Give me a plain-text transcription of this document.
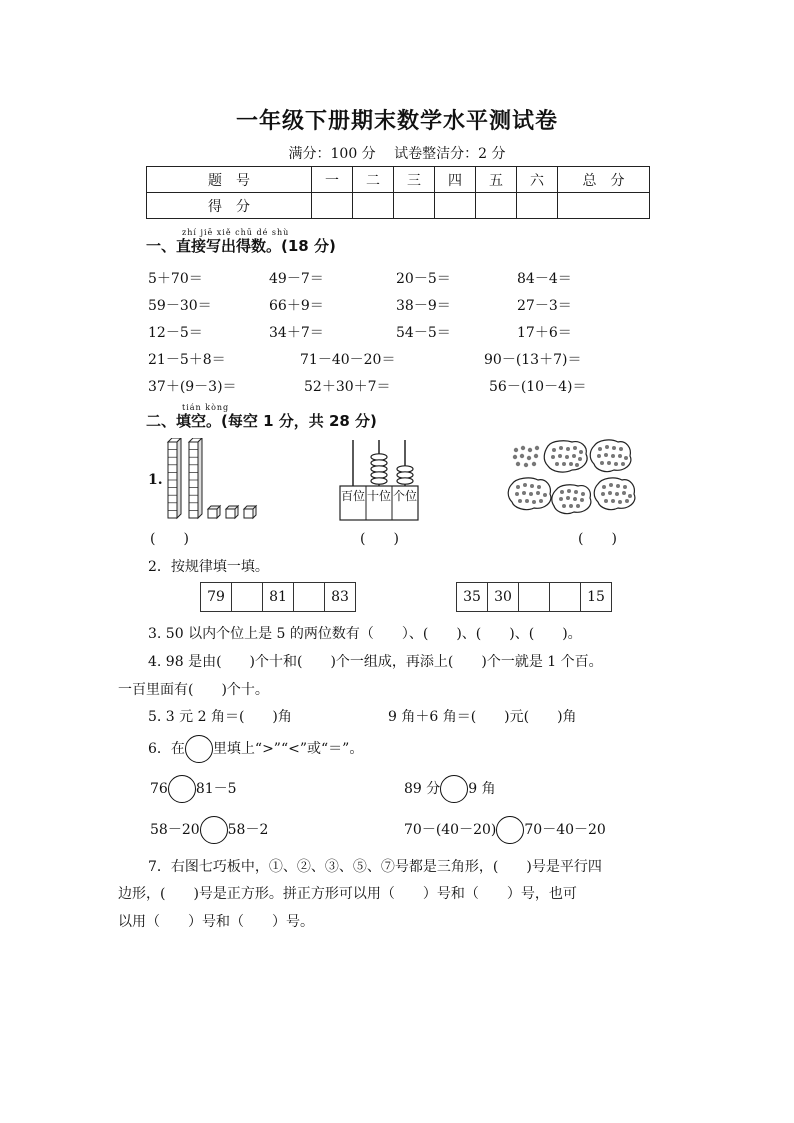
一年级下册期末数学水平测试卷
满分：100 分　 试卷整洁分：2 分
题　号	一	二	三	四	五	六	总　分
得　分							
zhí jiē xiě chū dé shù
一、直接写出得数。(18 分)
5＋70＝	49－7＝	20－5＝	84－4＝
59－30＝	66＋9＝	38－9＝	27－3＝
12－5＝	34＋7＝	54－5＝	17＋6＝
21－5＋8＝	71－40－20＝	90－(13＋7)＝
37＋(9－3)＝	52＋30＋7＝	56－(10－4)＝
tián kòng
二、填空。(每空 1 分，共 28 分)
1.
百位 十位 个位
(　　)	(　　)	(　　)
2．按规律填一填。
79		81		83	35	30			15
3. 50 以内个位上是 5 的两位数有（　　）、(　　)、(　　)、(　　)。
4. 98 是由(　　)个十和(　　)个一组成，再添上(　　)个一就是 1 个百。
一百里面有(　　)个十。
5. 3 元 2 角＝(　　)角	9 角＋6 角＝(　　)元(　　)角
6．在 里填上“>”“<”或“＝”。
76 81－5	89 分 9 角
58－20 58－2	70－(40－20) 70－40－20
7．右图七巧板中，①、②、③、⑤、⑦号都是三角形，(　　)号是平行四
边形，(　　)号是正方形。拼正方形可以用（　　）号和（　　）号，也可
以用（　　）号和（　　）号。
